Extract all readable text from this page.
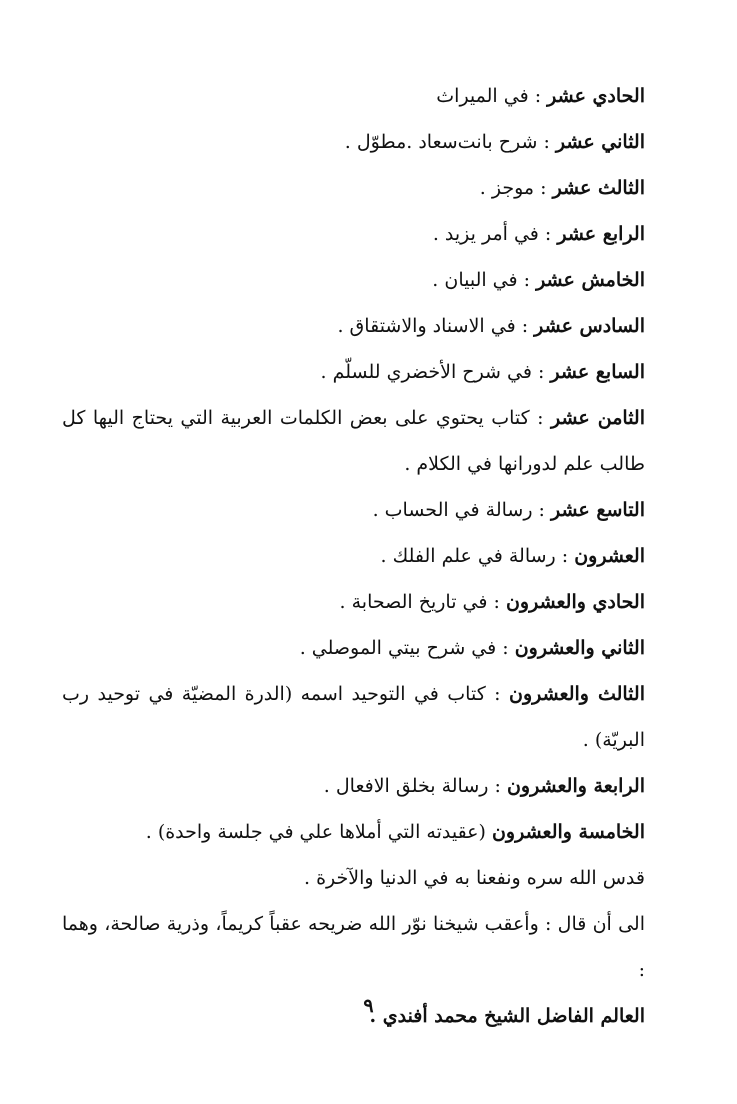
الحادي عشر : في الميراث

الثاني عشر : شرح بانت‌سعاد .مطوّل .

الثالث عشر : موجز .

الرابع عشر : في أمر يزيد .

الخامش عشر : في البيان .

السادس عشر : في الاسناد والاشتقاق .

السابع عشر : في شرح الأخضري للسلّم .

الثامن عشر : كتاب يحتوي على بعض الكلمات العربية التي يحتاج اليها كل طالب علم لدورانها في الكلام .

التاسع عشر : رسالة في الحساب .

العشرون : رسالة في علم الفلك .

الحادي والعشرون : في تاريخ الصحابة .

الثاني والعشرون : في شرح بيتي الموصلي .

الثالث والعشرون : كتاب في التوحيد اسمه (الدرة المضيّة في توحيد رب البريّة) .

الرابعة والعشرون : رسالة بخلق الافعال .

الخامسة والعشرون (عقيدته التي أملاها علي في جلسة واحدة) .

قدس الله سره ونفعنا به في الدنيا والآخرة .

الى أن قال : وأعقب شيخنا نوّر الله ضريحه عقباً كريماً، وذرية صالحة، وهما :

العالم الفاضل الشيخ محمد أفندي .

٩
